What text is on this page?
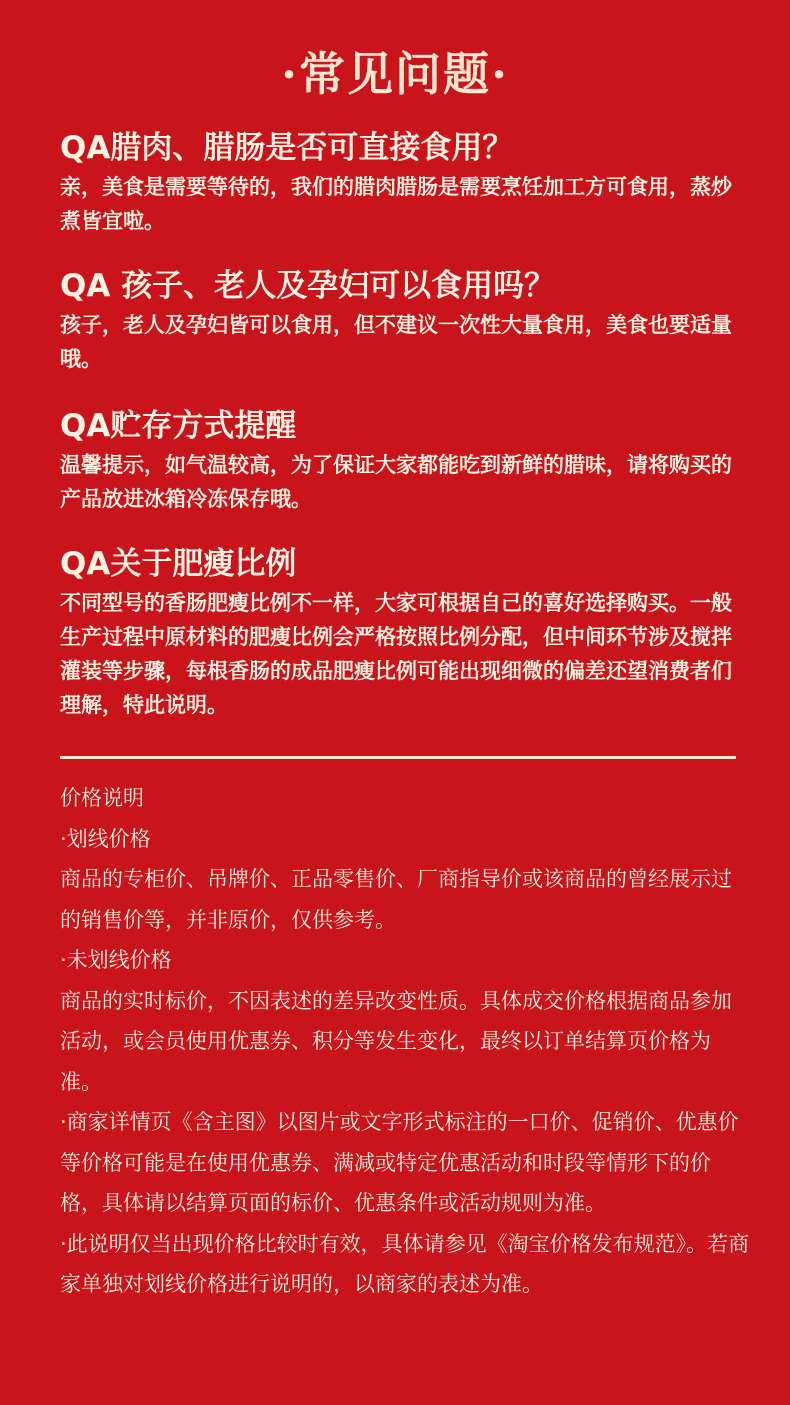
·常见问题·
QA腊肉、腊肠是否可直接食用？
亲，美食是需要等待的，我们的腊肉腊肠是需要烹饪加工方可食用，蒸炒煮皆宜啦。
QA 孩子、老人及孕妇可以食用吗？
孩子，老人及孕妇皆可以食用，但不建议一次性大量食用，美食也要适量哦。
QA贮存方式提醒
温馨提示，如气温较高，为了保证大家都能吃到新鲜的腊味，请将购买的产品放进冰箱冷冻保存哦。
QA关于肥瘦比例
不同型号的香肠肥瘦比例不一样，大家可根据自己的喜好选择购买。一般生产过程中原材料的肥瘦比例会严格按照比例分配，但中间环节涉及搅拌灌装等步骤，每根香肠的成品肥瘦比例可能出现细微的偏差还望消费者们理解，特此说明。

价格说明

·划线价格

商品的专柜价、吊牌价、正品零售价、厂商指导价或该商品的曾经展示过的销售价等，并非原价，仅供参考。

·未划线价格

商品的实时标价，不因表述的差异改变性质。具体成交价格根据商品参加活动，或会员使用优惠券、积分等发生变化，最终以订单结算页价格为准。

·商家详情页《含主图》以图片或文字形式标注的一口价、促销价、优惠价等价格可能是在使用优惠券、满减或特定优惠活动和时段等情形下的价格，具体请以结算页面的标价、优惠条件或活动规则为准。

·此说明仅当出现价格比较时有效，具体请参见《淘宝价格发布规范》。若商家单独对划线价格进行说明的，以商家的表述为准。
